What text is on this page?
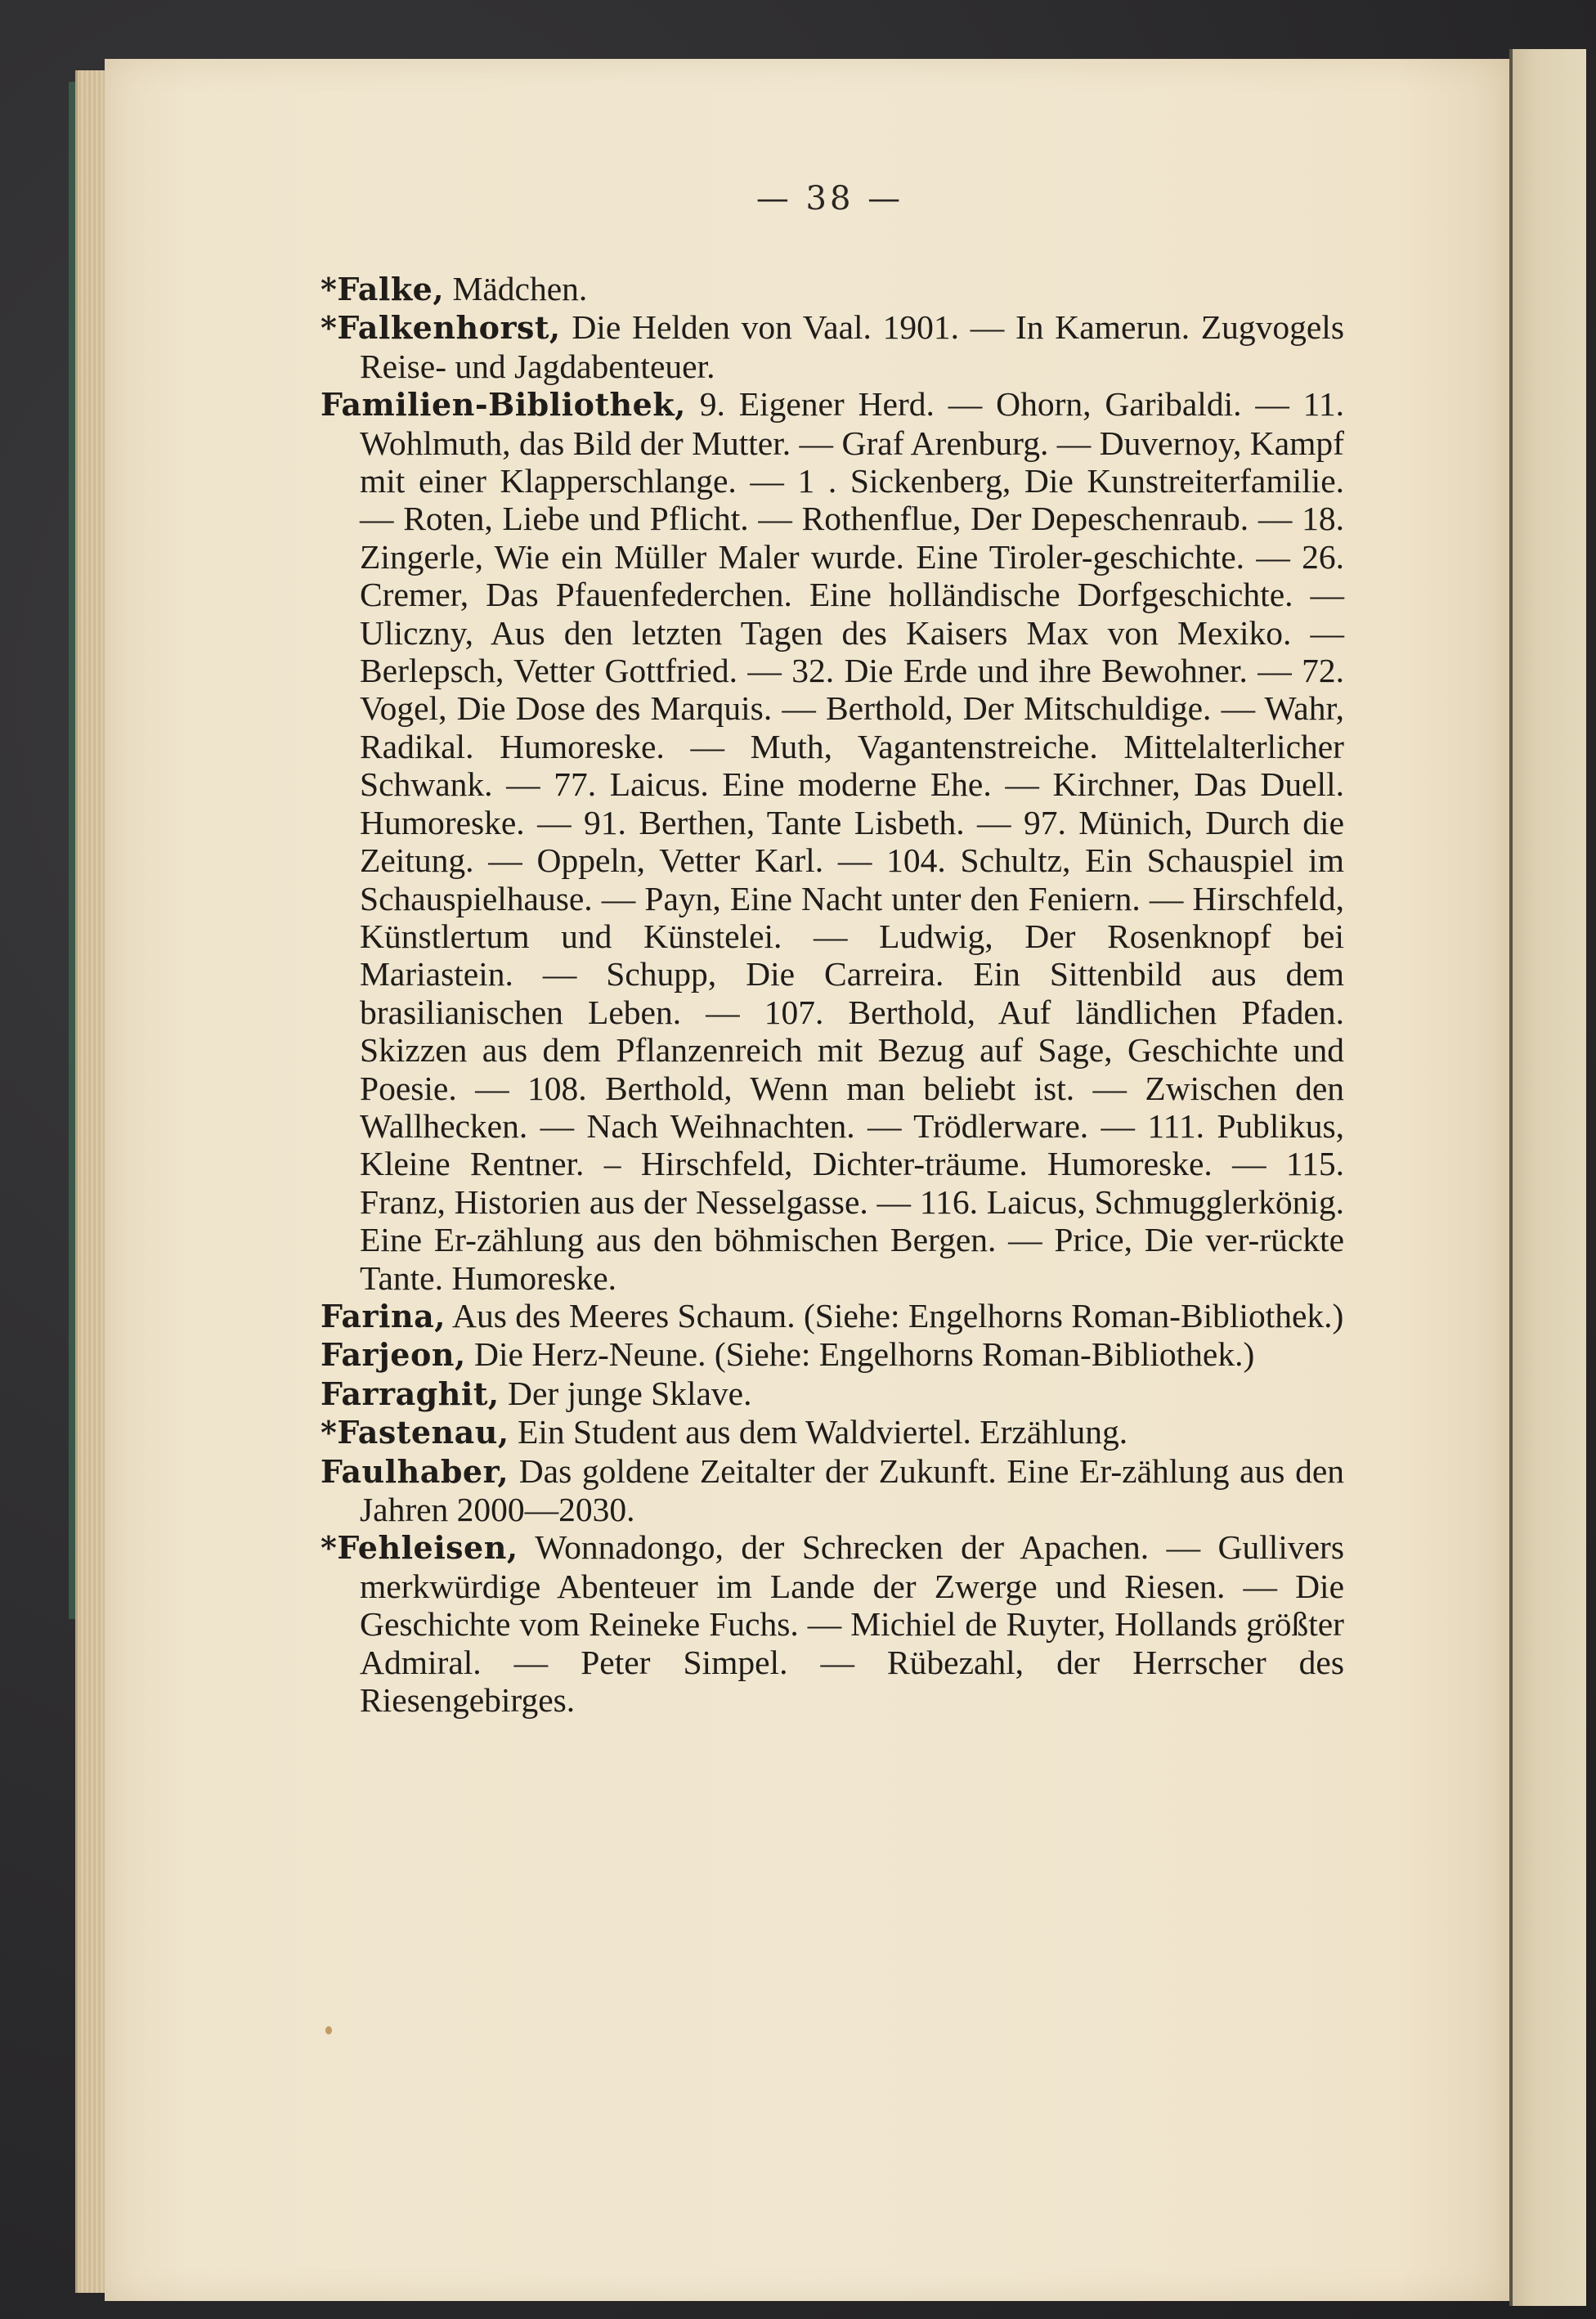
— 38 —

*Falke, Mädchen.

*Falkenhorst, Die Helden von Vaal. 1901. — In Kamerun. Zugvogels Reise- und Jagdabenteuer.

Familien-Bibliothek, 9. Eigener Herd. — Ohorn, Garibaldi. — 11. Wohlmuth, das Bild der Mutter. — Graf Arenburg. — Duvernoy, Kampf mit einer Klapperschlange. — 1 . Sickenberg, Die Kunstreiterfamilie. — Roten, Liebe und Pflicht. — Rothenflue, Der Depeschenraub. — 18. Zingerle, Wie ein Müller Maler wurde. Eine Tiroler-geschichte. — 26. Cremer, Das Pfauenfederchen. Eine holländische Dorfgeschichte. — Uliczny, Aus den letzten Tagen des Kaisers Max von Mexiko. — Berlepsch, Vetter Gottfried. — 32. Die Erde und ihre Bewohner. — 72. Vogel, Die Dose des Marquis. — Berthold, Der Mitschuldige. — Wahr, Radikal. Humoreske. — Muth, Vagantenstreiche. Mittelalterlicher Schwank. — 77. Laicus. Eine moderne Ehe. — Kirchner, Das Duell. Humoreske. — 91. Berthen, Tante Lisbeth. — 97. Münich, Durch die Zeitung. — Oppeln, Vetter Karl. — 104. Schultz, Ein Schauspiel im Schauspielhause. — Payn, Eine Nacht unter den Feniern. — Hirschfeld, Künstlertum und Künstelei. — Ludwig, Der Rosenknopf bei Mariastein. — Schupp, Die Carreira. Ein Sittenbild aus dem brasilianischen Leben. — 107. Berthold, Auf ländlichen Pfaden. Skizzen aus dem Pflanzenreich mit Bezug auf Sage, Geschichte und Poesie. — 108. Berthold, Wenn man beliebt ist. — Zwischen den Wallhecken. — Nach Weihnachten. — Trödlerware. — 111. Publikus, Kleine Rentner. – Hirschfeld, Dichter-träume. Humoreske. — 115. Franz, Historien aus der Nesselgasse. — 116. Laicus, Schmugglerkönig. Eine Er-zählung aus den böhmischen Bergen. — Price, Die ver-rückte Tante. Humoreske.

Farina, Aus des Meeres Schaum. (Siehe: Engelhorns Roman-Bibliothek.)

Farjeon, Die Herz-Neune. (Siehe: Engelhorns Roman-Bibliothek.)

Farraghit, Der junge Sklave.

*Fastenau, Ein Student aus dem Waldviertel. Erzählung.

Faulhaber, Das goldene Zeitalter der Zukunft. Eine Er-zählung aus den Jahren 2000—2030.

*Fehleisen, Wonnadongo, der Schrecken der Apachen. — Gullivers merkwürdige Abenteuer im Lande der Zwerge und Riesen. — Die Geschichte vom Reineke Fuchs. — Michiel de Ruyter, Hollands größter Admiral. — Peter Simpel. — Rübezahl, der Herrscher des Riesengebirges.
